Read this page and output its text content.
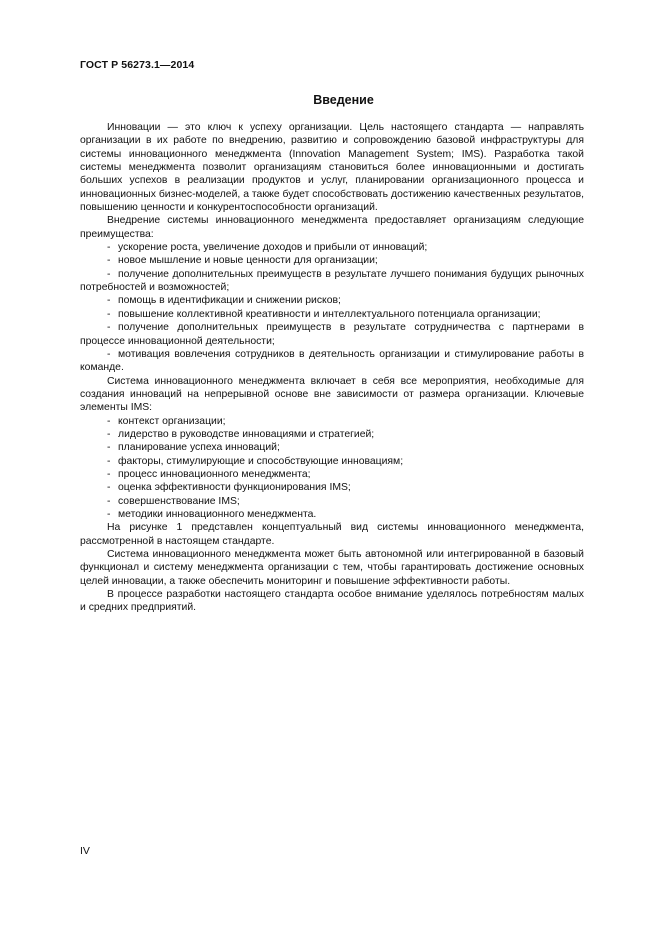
ГОСТ Р 56273.1—2014
Введение

Инновации — это ключ к успеху организации. Цель настоящего стандарта — направлять организации в их работе по внедрению, развитию и сопровождению базовой инфраструктуры для системы инновационного менеджмента (Innovation Management System; IMS). Разработка такой системы менеджмента позволит организациям становиться более инновационными и достигать больших успехов в реализации продуктов и услуг, планировании организационного процесса и инновационных бизнес-моделей, а также будет способствовать достижению качественных результатов, повышению ценности и конкурентоспособности организаций.

Внедрение системы инновационного менеджмента предоставляет организациям следующие преимущества:

- ускорение роста, увеличение доходов и прибыли от инноваций;
- новое мышление и новые ценности для организации;
- получение дополнительных преимуществ в результате лучшего понимания будущих рыночных потребностей и возможностей;
- помощь в идентификации и снижении рисков;
- повышение коллективной креативности и интеллектуального потенциала организации;
- получение дополнительных преимуществ в результате сотрудничества с партнерами в процессе инновационной деятельности;
- мотивация вовлечения сотрудников в деятельность организации и стимулирование работы в команде.

Система инновационного менеджмента включает в себя все мероприятия, необходимые для создания инноваций на непрерывной основе вне зависимости от размера организации. Ключевые элементы IMS:

- контекст организации;
- лидерство в руководстве инновациями и стратегией;
- планирование успеха инноваций;
- факторы, стимулирующие и способствующие инновациям;
- процесс инновационного менеджмента;
- оценка эффективности функционирования IMS;
- совершенствование IMS;
- методики инновационного менеджмента.

На рисунке 1 представлен концептуальный вид системы инновационного менеджмента, рассмотренной в настоящем стандарте.

Система инновационного менеджмента может быть автономной или интегрированной в базовый функционал и систему менеджмента организации с тем, чтобы гарантировать достижение основных целей инновации, а также обеспечить мониторинг и повышение эффективности работы.

В процессе разработки настоящего стандарта особое внимание уделялось потребностям малых и средних предприятий.

IV
